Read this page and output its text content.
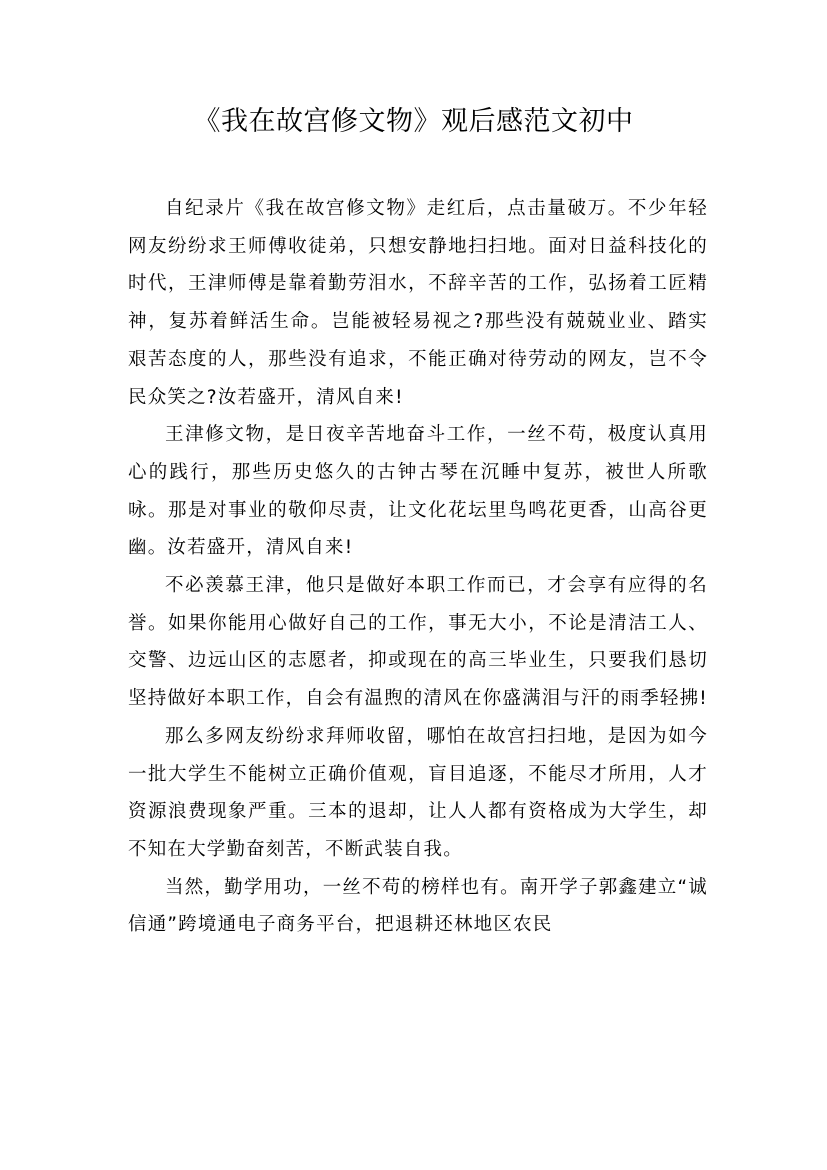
《我在故宫修文物》观后感范文初中

自纪录片《我在故宫修文物》走红后，点击量破万。不少年轻网友纷纷求王师傅收徒弟，只想安静地扫扫地。面对日益科技化的时代，王津师傅是靠着勤劳泪水，不辞辛苦的工作，弘扬着工匠精神，复苏着鲜活生命。岂能被轻易视之?那些没有兢兢业业、踏实艰苦态度的人，那些没有追求，不能正确对待劳动的网友，岂不令民众笑之?汝若盛开，清风自来!

王津修文物，是日夜辛苦地奋斗工作，一丝不苟，极度认真用心的践行，那些历史悠久的古钟古琴在沉睡中复苏，被世人所歌咏。那是对事业的敬仰尽责，让文化花坛里鸟鸣花更香，山高谷更幽。汝若盛开，清风自来!

不必羡慕王津，他只是做好本职工作而已，才会享有应得的名誉。如果你能用心做好自己的工作，事无大小，不论是清洁工人、交警、边远山区的志愿者，抑或现在的高三毕业生，只要我们恳切坚持做好本职工作，自会有温煦的清风在你盛满泪与汗的雨季轻拂!

那么多网友纷纷求拜师收留，哪怕在故宫扫扫地，是因为如今一批大学生不能树立正确价值观，盲目追逐，不能尽才所用，人才资源浪费现象严重。三本的退却，让人人都有资格成为大学生，却不知在大学勤奋刻苦，不断武装自我。

当然，勤学用功，一丝不苟的榜样也有。南开学子郭鑫建立“诚信通”跨境通电子商务平台，把退耕还林地区农民
